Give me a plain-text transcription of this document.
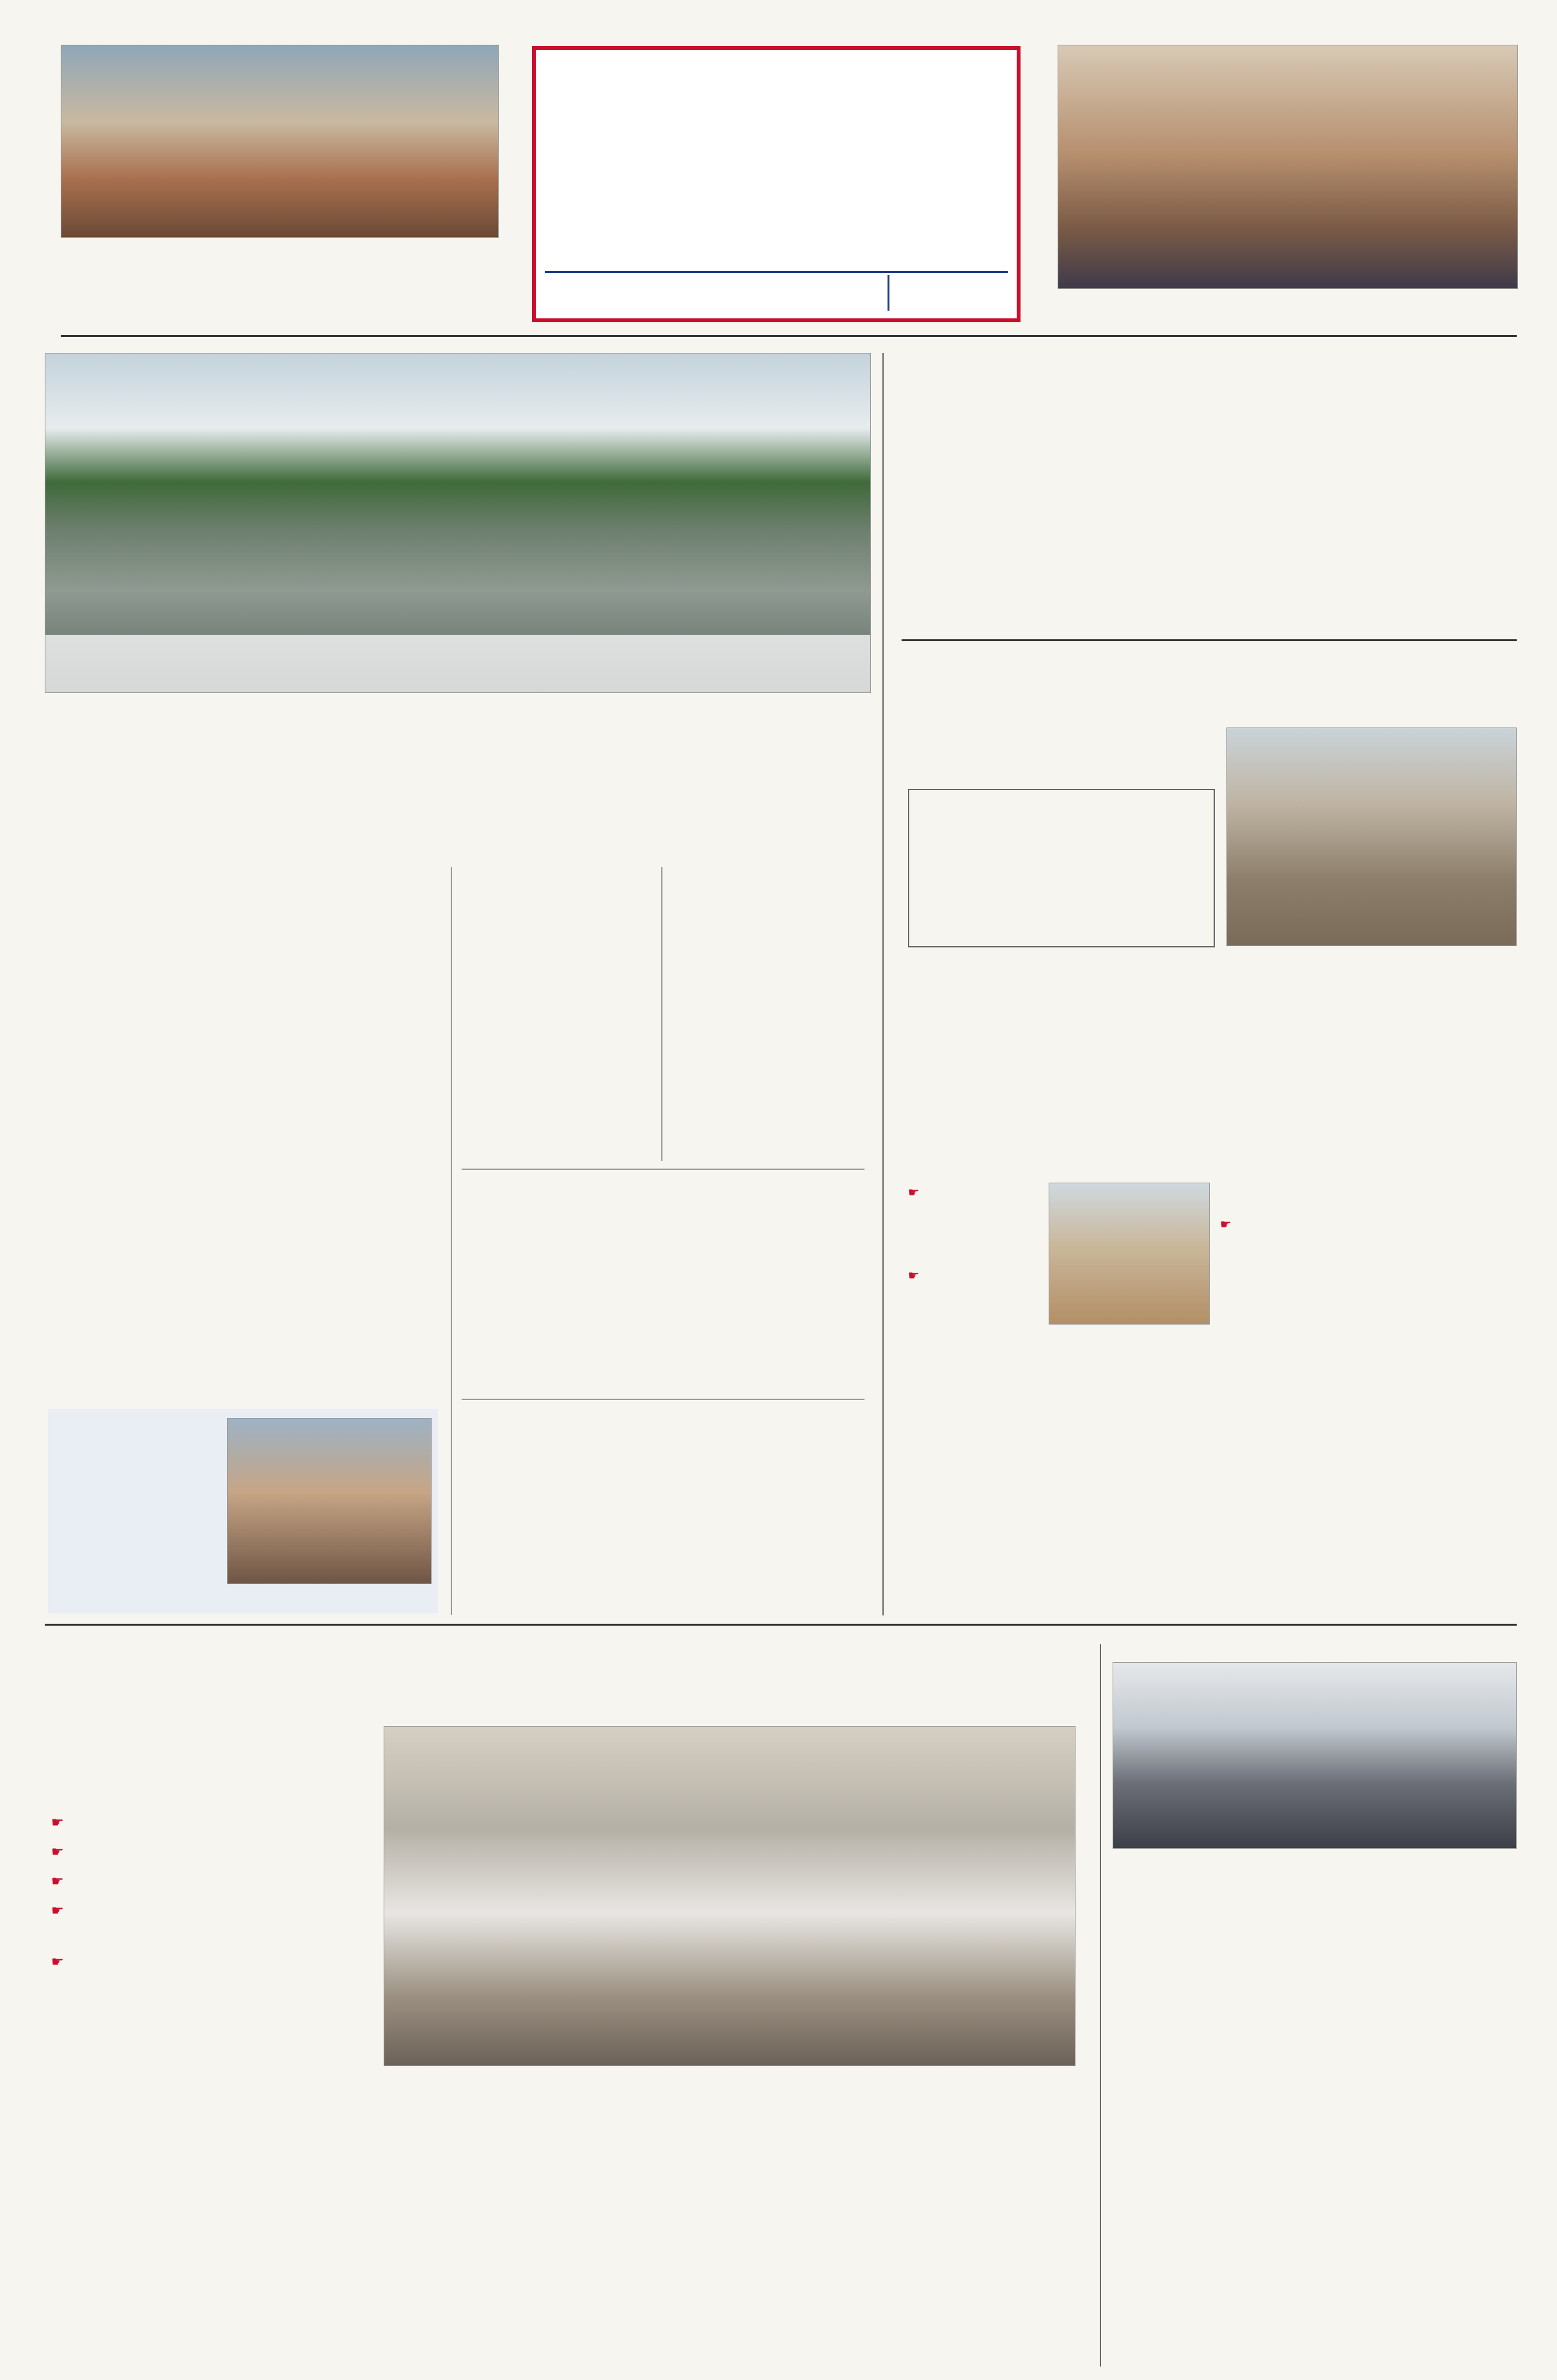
☛
☛

☛
☛
☛
☛
☛
☛
